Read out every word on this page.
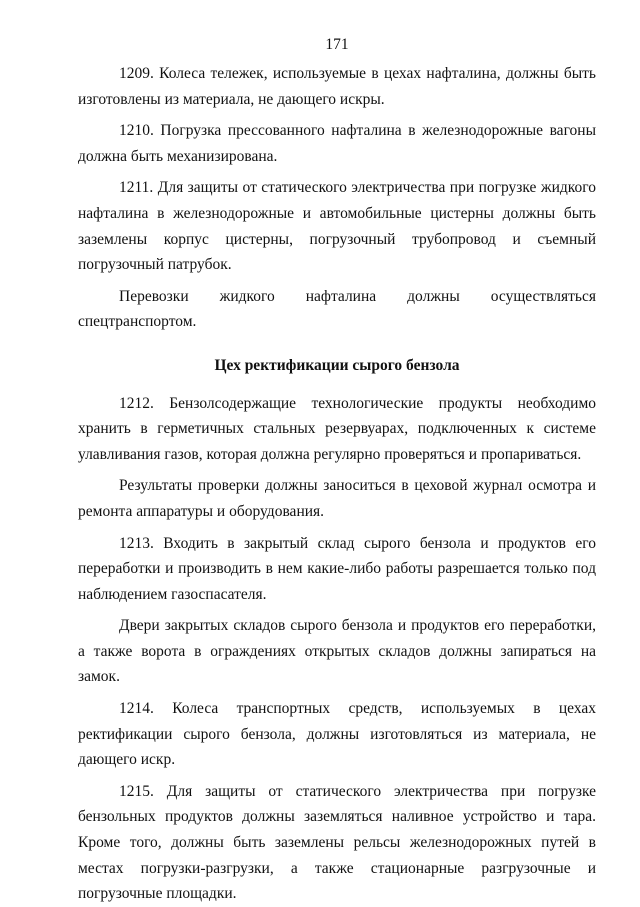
171

1209. Колеса тележек, используемые в цехах нафталина, должны быть изготовлены из материала, не дающего искры.

1210. Погрузка прессованного нафталина в железнодорожные вагоны должна быть механизирована.

1211. Для защиты от статического электричества при погрузке жидкого нафталина в железнодорожные и автомобильные цистерны должны быть заземлены корпус цистерны, погрузочный трубопровод и съемный погрузочный патрубок.

Перевозки жидкого нафталина должны осуществляться спецтранспортом.

Цех ректификации сырого бензола

1212. Бензолсодержащие технологические продукты необходимо хранить в герметичных стальных резервуарах, подключенных к системе улавливания газов, которая должна регулярно проверяться и пропариваться.

Результаты проверки должны заноситься в цеховой журнал осмотра и ремонта аппаратуры и оборудования.

1213. Входить в закрытый склад сырого бензола и продуктов его переработки и производить в нем какие-либо работы разрешается только под наблюдением газоспасателя.

Двери закрытых складов сырого бензола и продуктов его переработки, а также ворота в ограждениях открытых складов должны запираться на замок.

1214. Колеса транспортных средств, используемых в цехах ректификации сырого бензола, должны изготовляться из материала, не дающего искр.

1215. Для защиты от статического электричества при погрузке бензольных продуктов должны заземляться наливное устройство и тара. Кроме того, должны быть заземлены рельсы железнодорожных путей в местах погрузки-разгрузки, а также стационарные разгрузочные и погрузочные площадки.
